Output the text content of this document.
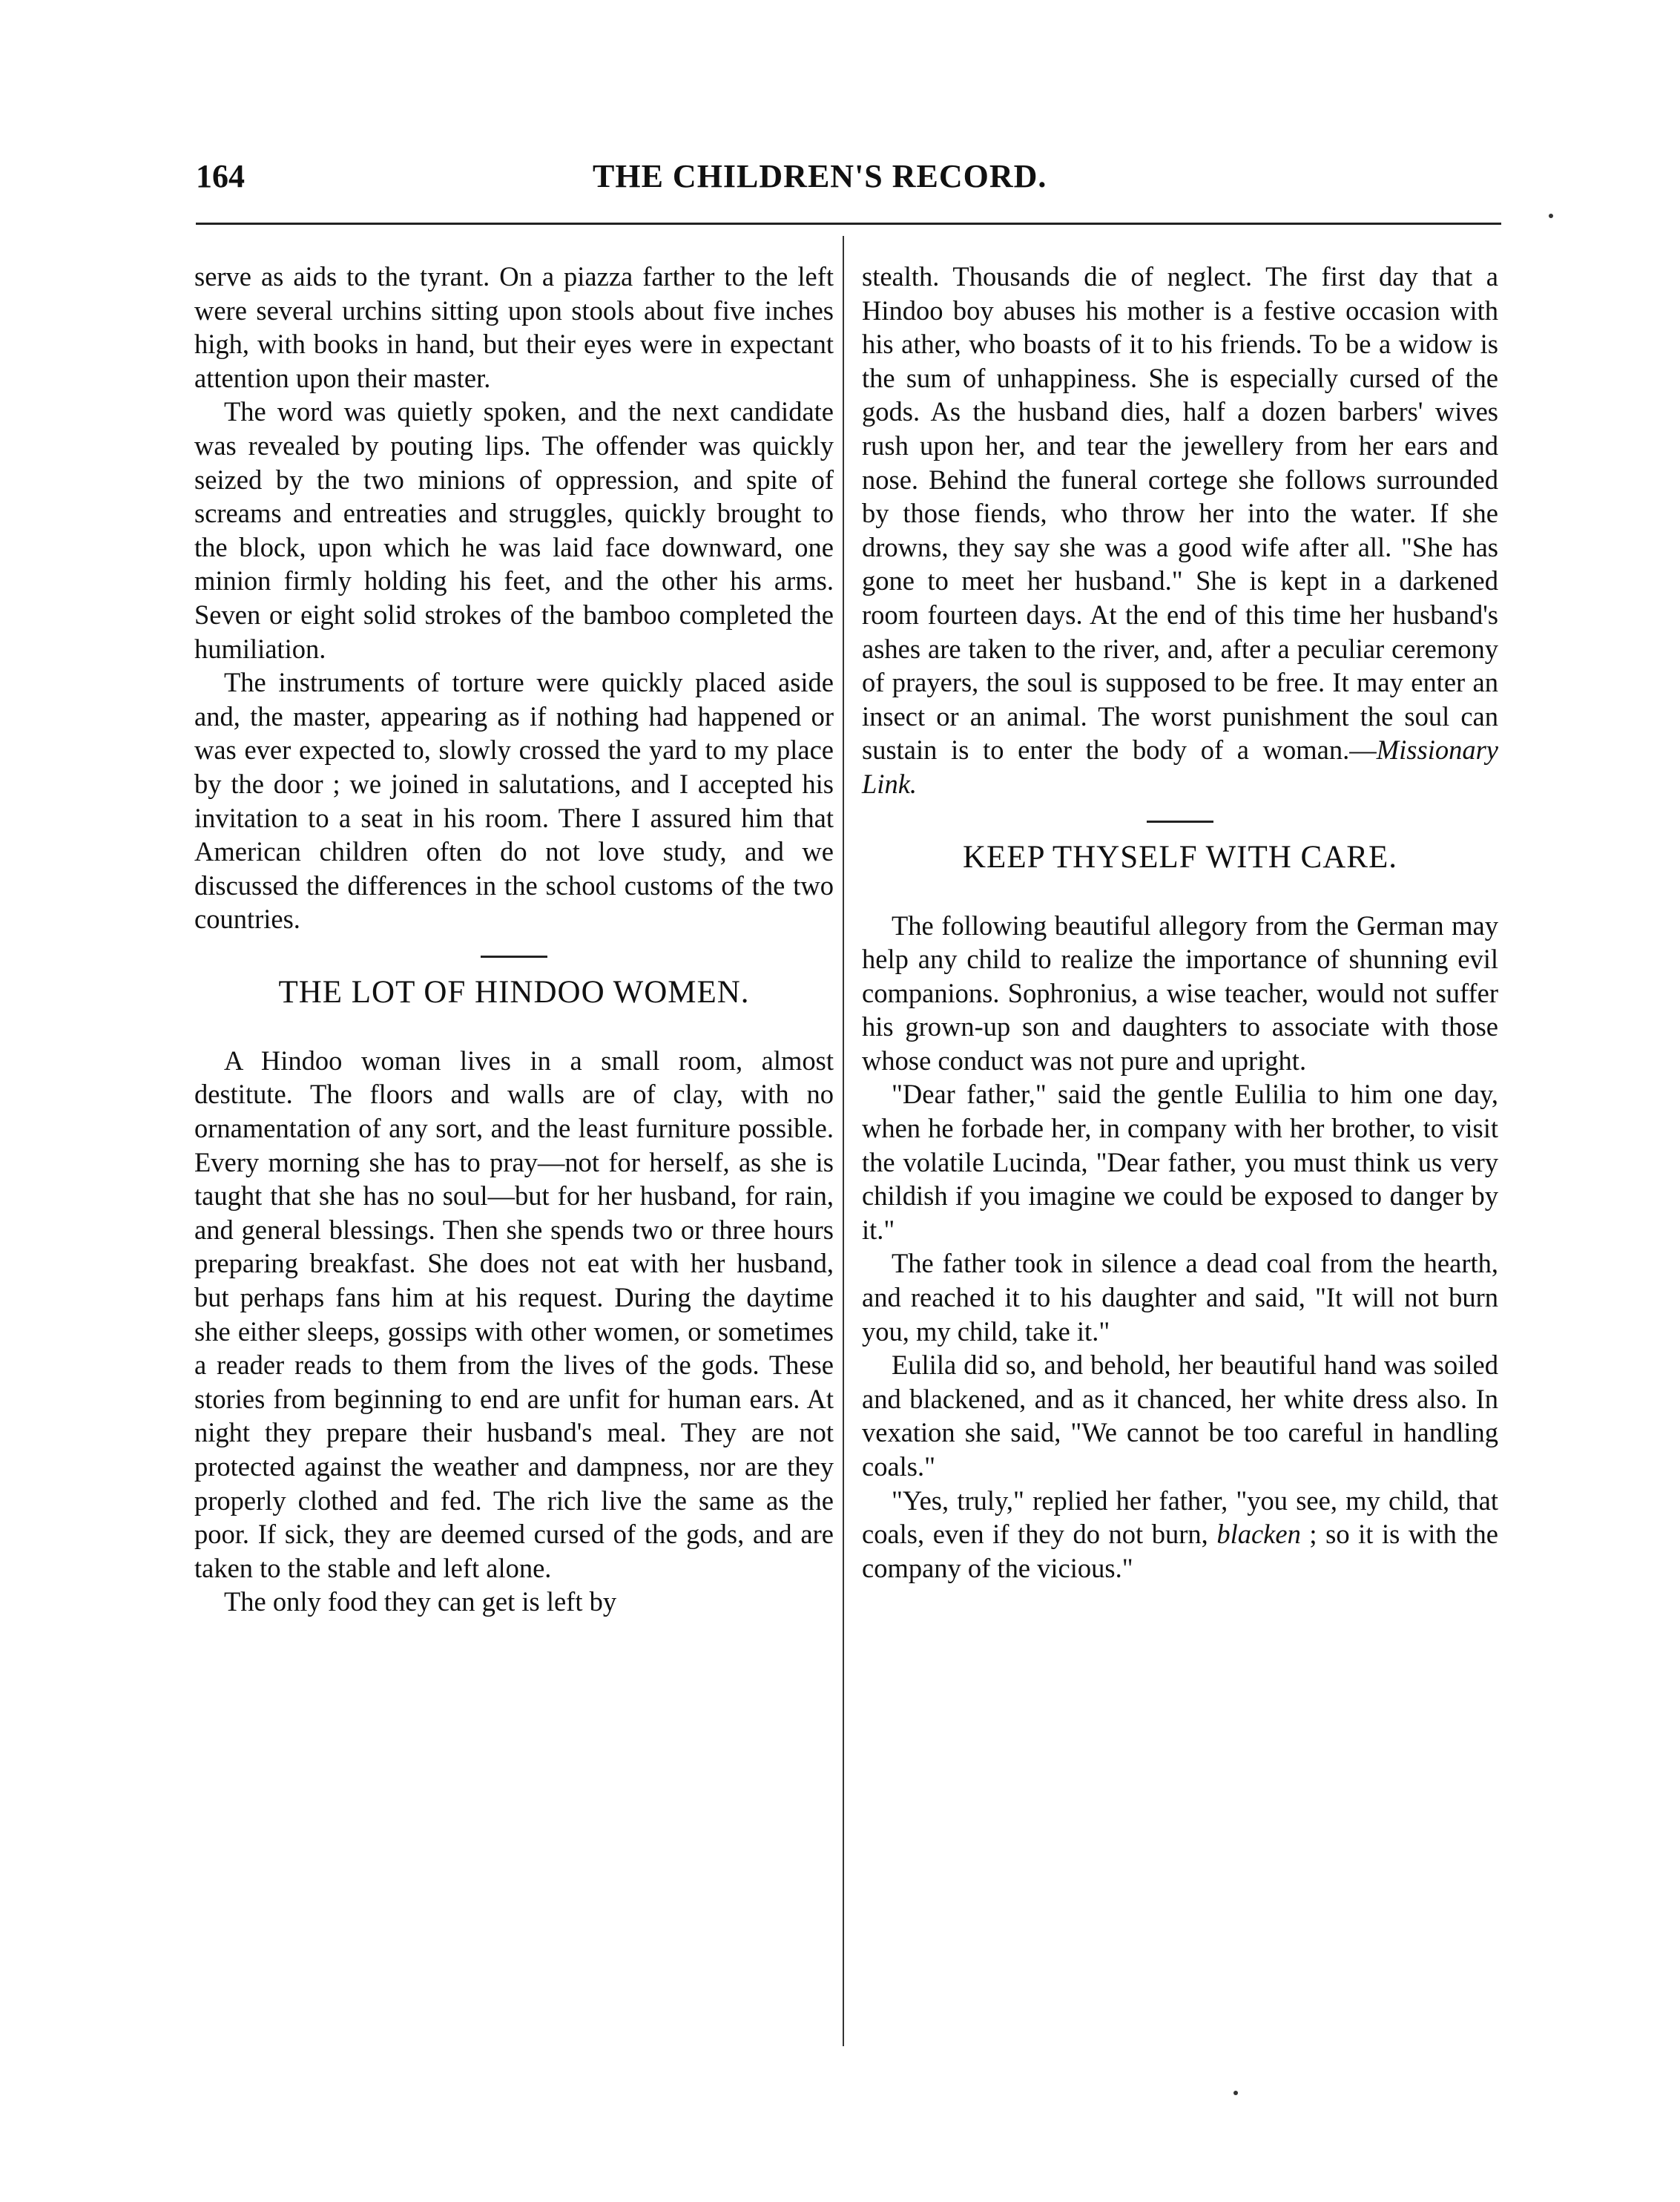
164	THE CHILDREN'S RECORD.

serve as aids to the tyrant. On a piazza farther to the left were several urchins sitting upon stools about five inches high, with books in hand, but their eyes were in expectant attention upon their master.

The word was quietly spoken, and the next candidate was revealed by pouting lips. The offender was quickly seized by the two minions of oppression, and spite of screams and entreaties and struggles, quickly brought to the block, upon which he was laid face downward, one minion firmly holding his feet, and the other his arms. Seven or eight solid strokes of the bamboo completed the humiliation.

The instruments of torture were quickly placed aside and, the master, appearing as if nothing had happened or was ever expected to, slowly crossed the yard to my place by the door ; we joined in salutations, and I accepted his invitation to a seat in his room. There I assured him that American children often do not love study, and we discussed the differences in the school customs of the two countries.

THE LOT OF HINDOO WOMEN.

A Hindoo woman lives in a small room, almost destitute. The floors and walls are of clay, with no ornamentation of any sort, and the least furniture possible. Every morning she has to pray—not for herself, as she is taught that she has no soul—but for her husband, for rain, and general blessings. Then she spends two or three hours preparing breakfast. She does not eat with her husband, but perhaps fans him at his request. During the daytime she either sleeps, gossips with other women, or sometimes a reader reads to them from the lives of the gods. These stories from beginning to end are unfit for human ears. At night they prepare their husband's meal. They are not protected against the weather and dampness, nor are they properly clothed and fed. The rich live the same as the poor. If sick, they are deemed cursed of the gods, and are taken to the stable and left alone.

The only food they can get is left by

stealth. Thousands die of neglect. The first day that a Hindoo boy abuses his mother is a festive occasion with his ather, who boasts of it to his friends. To be a widow is the sum of unhappiness. She is especially cursed of the gods. As the husband dies, half a dozen barbers' wives rush upon her, and tear the jewellery from her ears and nose. Behind the funeral cortege she follows surrounded by those fiends, who throw her into the water. If she drowns, they say she was a good wife after all. "She has gone to meet her husband." She is kept in a darkened room fourteen days. At the end of this time her husband's ashes are taken to the river, and, after a peculiar ceremony of prayers, the soul is supposed to be free. It may enter an insect or an animal. The worst punishment the soul can sustain is to enter the body of a woman.—Missionary Link.

KEEP THYSELF WITH CARE.

The following beautiful allegory from the German may help any child to realize the importance of shunning evil companions. Sophronius, a wise teacher, would not suffer his grown-up son and daughters to associate with those whose conduct was not pure and upright.

"Dear father," said the gentle Eulilia to him one day, when he forbade her, in company with her brother, to visit the volatile Lucinda, "Dear father, you must think us very childish if you imagine we could be exposed to danger by it."

The father took in silence a dead coal from the hearth, and reached it to his daughter and said, "It will not burn you, my child, take it."

Eulila did so, and behold, her beautiful hand was soiled and blackened, and as it chanced, her white dress also. In vexation she said, "We cannot be too careful in handling coals."

"Yes, truly," replied her father, "you see, my child, that coals, even if they do not burn, blacken ; so it is with the company of the vicious."
